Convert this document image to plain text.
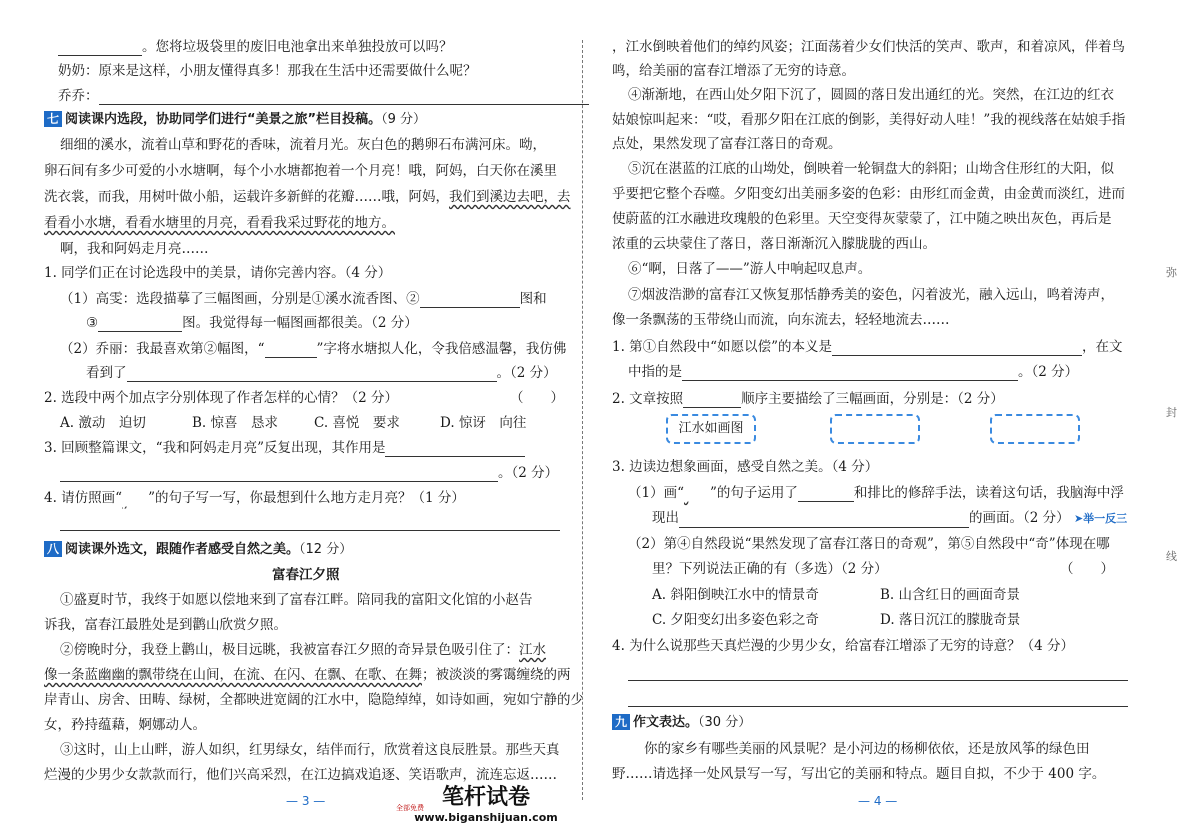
。您将垃圾袋里的废旧电池拿出来单独投放可以吗？
奶奶：原来是这样，小朋友懂得真多！那我在生活中还需要做什么呢？
乔乔：
七 阅读课内选段，协助同学们进行“美景之旅”栏目投稿。（9 分）
细细的溪水，流着山草和野花的香味，流着月光。灰白色的鹅卵石布满河床。呦，
卵石间有多少可爱的小水塘啊，每个小水塘都抱着一个月亮！哦，阿妈，白天你在溪里
洗衣裳，而我，用树叶做小船，运载许多新鲜的花瓣……哦，阿妈，我们到溪边去吧，去
看看小水塘，看看水塘里的月亮，看看我采过野花的地方。
啊，我和阿妈走月亮……
1. 同学们正在讨论选段中的美景，请你完善内容。（4 分）
（1）高雯：选段描摹了三幅图画，分别是①溪水流香图、②	图和
③	图。我觉得每一幅图画都很美。（2 分）
（2）乔丽：我最喜欢第②幅图，“	”字将水塘拟人化，令我倍感温馨，我仿佛
看到了	。（2 分）
2. 选段中两个加点字分别体现了作者怎样的心情？（2 分）	（　　）
A. 激动　迫切	B. 惊喜　恳求	C. 喜悦　要求	D. 惊讶　向往
3. 回顾整篇课文，“我和阿妈走月亮”反复出现，其作用是
。（2 分）
4. 请仿照画“ ”的句子写一写，你最想到什么地方走月亮？（1 分）
八 阅读课外选文，跟随作者感受自然之美。（12 分）
富春江夕照
①盛夏时节，我终于如愿以偿地来到了富春江畔。陪同我的富阳文化馆的小赵告
诉我，富春江最胜处是到鹳山欣赏夕照。
②傍晚时分，我登上鹳山，极目远眺，我被富春江夕照的奇异景色吸引住了：江水
像一条蓝幽幽的飘带绕在山间，在流、在闪、在飘、在歌、在舞；被淡淡的雾霭缠绕的两
岸青山、房舍、田畴、绿树，全都映进宽阔的江水中，隐隐绰绰，如诗如画，宛如宁静的少
女，矜持蕴藉，婀娜动人。
③这时，山上山畔，游人如织，红男绿女，结伴而行，欣赏着这良辰胜景。那些天真
烂漫的少男少女款款而行，他们兴高采烈，在江边搞戏追逐、笑语歌声，流连忘返……
— 3 —
，江水倒映着他们的绰约风姿；江面荡着少女们快活的笑声、歌声，和着凉风，伴着鸟
鸣，给美丽的富春江增添了无穷的诗意。
④渐渐地，在西山处夕阳下沉了，圆圆的落日发出通红的光。突然，在江边的红衣
姑娘惊叫起来：“哎，看那夕阳在江底的倒影，美得好动人哇！”我的视线落在姑娘手指
点处，果然发现了富春江落日的奇观。
⑤沉在湛蓝的江底的山坳处，倒映着一轮铜盘大的斜阳；山坳含住形红的大阳，似
乎要把它整个吞噬。夕阳变幻出美丽多姿的色彩：由形红而金黄，由金黄而淡红，进而
使蔚蓝的江水融进玫瑰般的色彩里。天空变得灰蒙蒙了，江中随之映出灰色，再后是
浓重的云块蒙住了落日，落日渐渐沉入朦胧胧的西山。
⑥“啊，日落了——”游人中响起叹息声。
⑦烟波浩渺的富春江又恢复那恬静秀美的姿色，闪着波光，融入远山，鸣着涛声，
像一条飘荡的玉带绕山而流，向东流去，轻轻地流去……
1. 第①自然段中“如愿以偿”的本义是	，在文
中指的是	。（2 分）
2. 文章按照	顺序主要描绘了三幅画面，分别是：（2 分）
江水如画图
3. 边读边想象画面，感受自然之美。（4 分）
（1）画“ ”的句子运用了	和排比的修辞手法，读着这句话，我脑海中浮
现出	的画面。（2 分） ➤举一反三
（2）第④自然段说“果然发现了富春江落日的奇观”，第⑤自然段中“奇”体现在哪
里？下列说法正确的有（多选）（2 分）	（　　）
A. 斜阳倒映江水中的情景奇	B. 山含红日的画面奇景
C. 夕阳变幻出多姿色彩之奇	D. 落日沉江的朦胧奇景
4. 为什么说那些天真烂漫的少男少女，给富春江增添了无穷的诗意？（4 分）
九 作文表达。（30 分）
你的家乡有哪些美丽的风景呢？是小河边的杨柳依依，还是放风筝的绿色田
野……请选择一处风景写一写，写出它的美丽和特点。题目自拟，不少于 400 字。
— 4 —
弥
封
线
笔杆试卷
全部免费
www.biganshijuan.com
